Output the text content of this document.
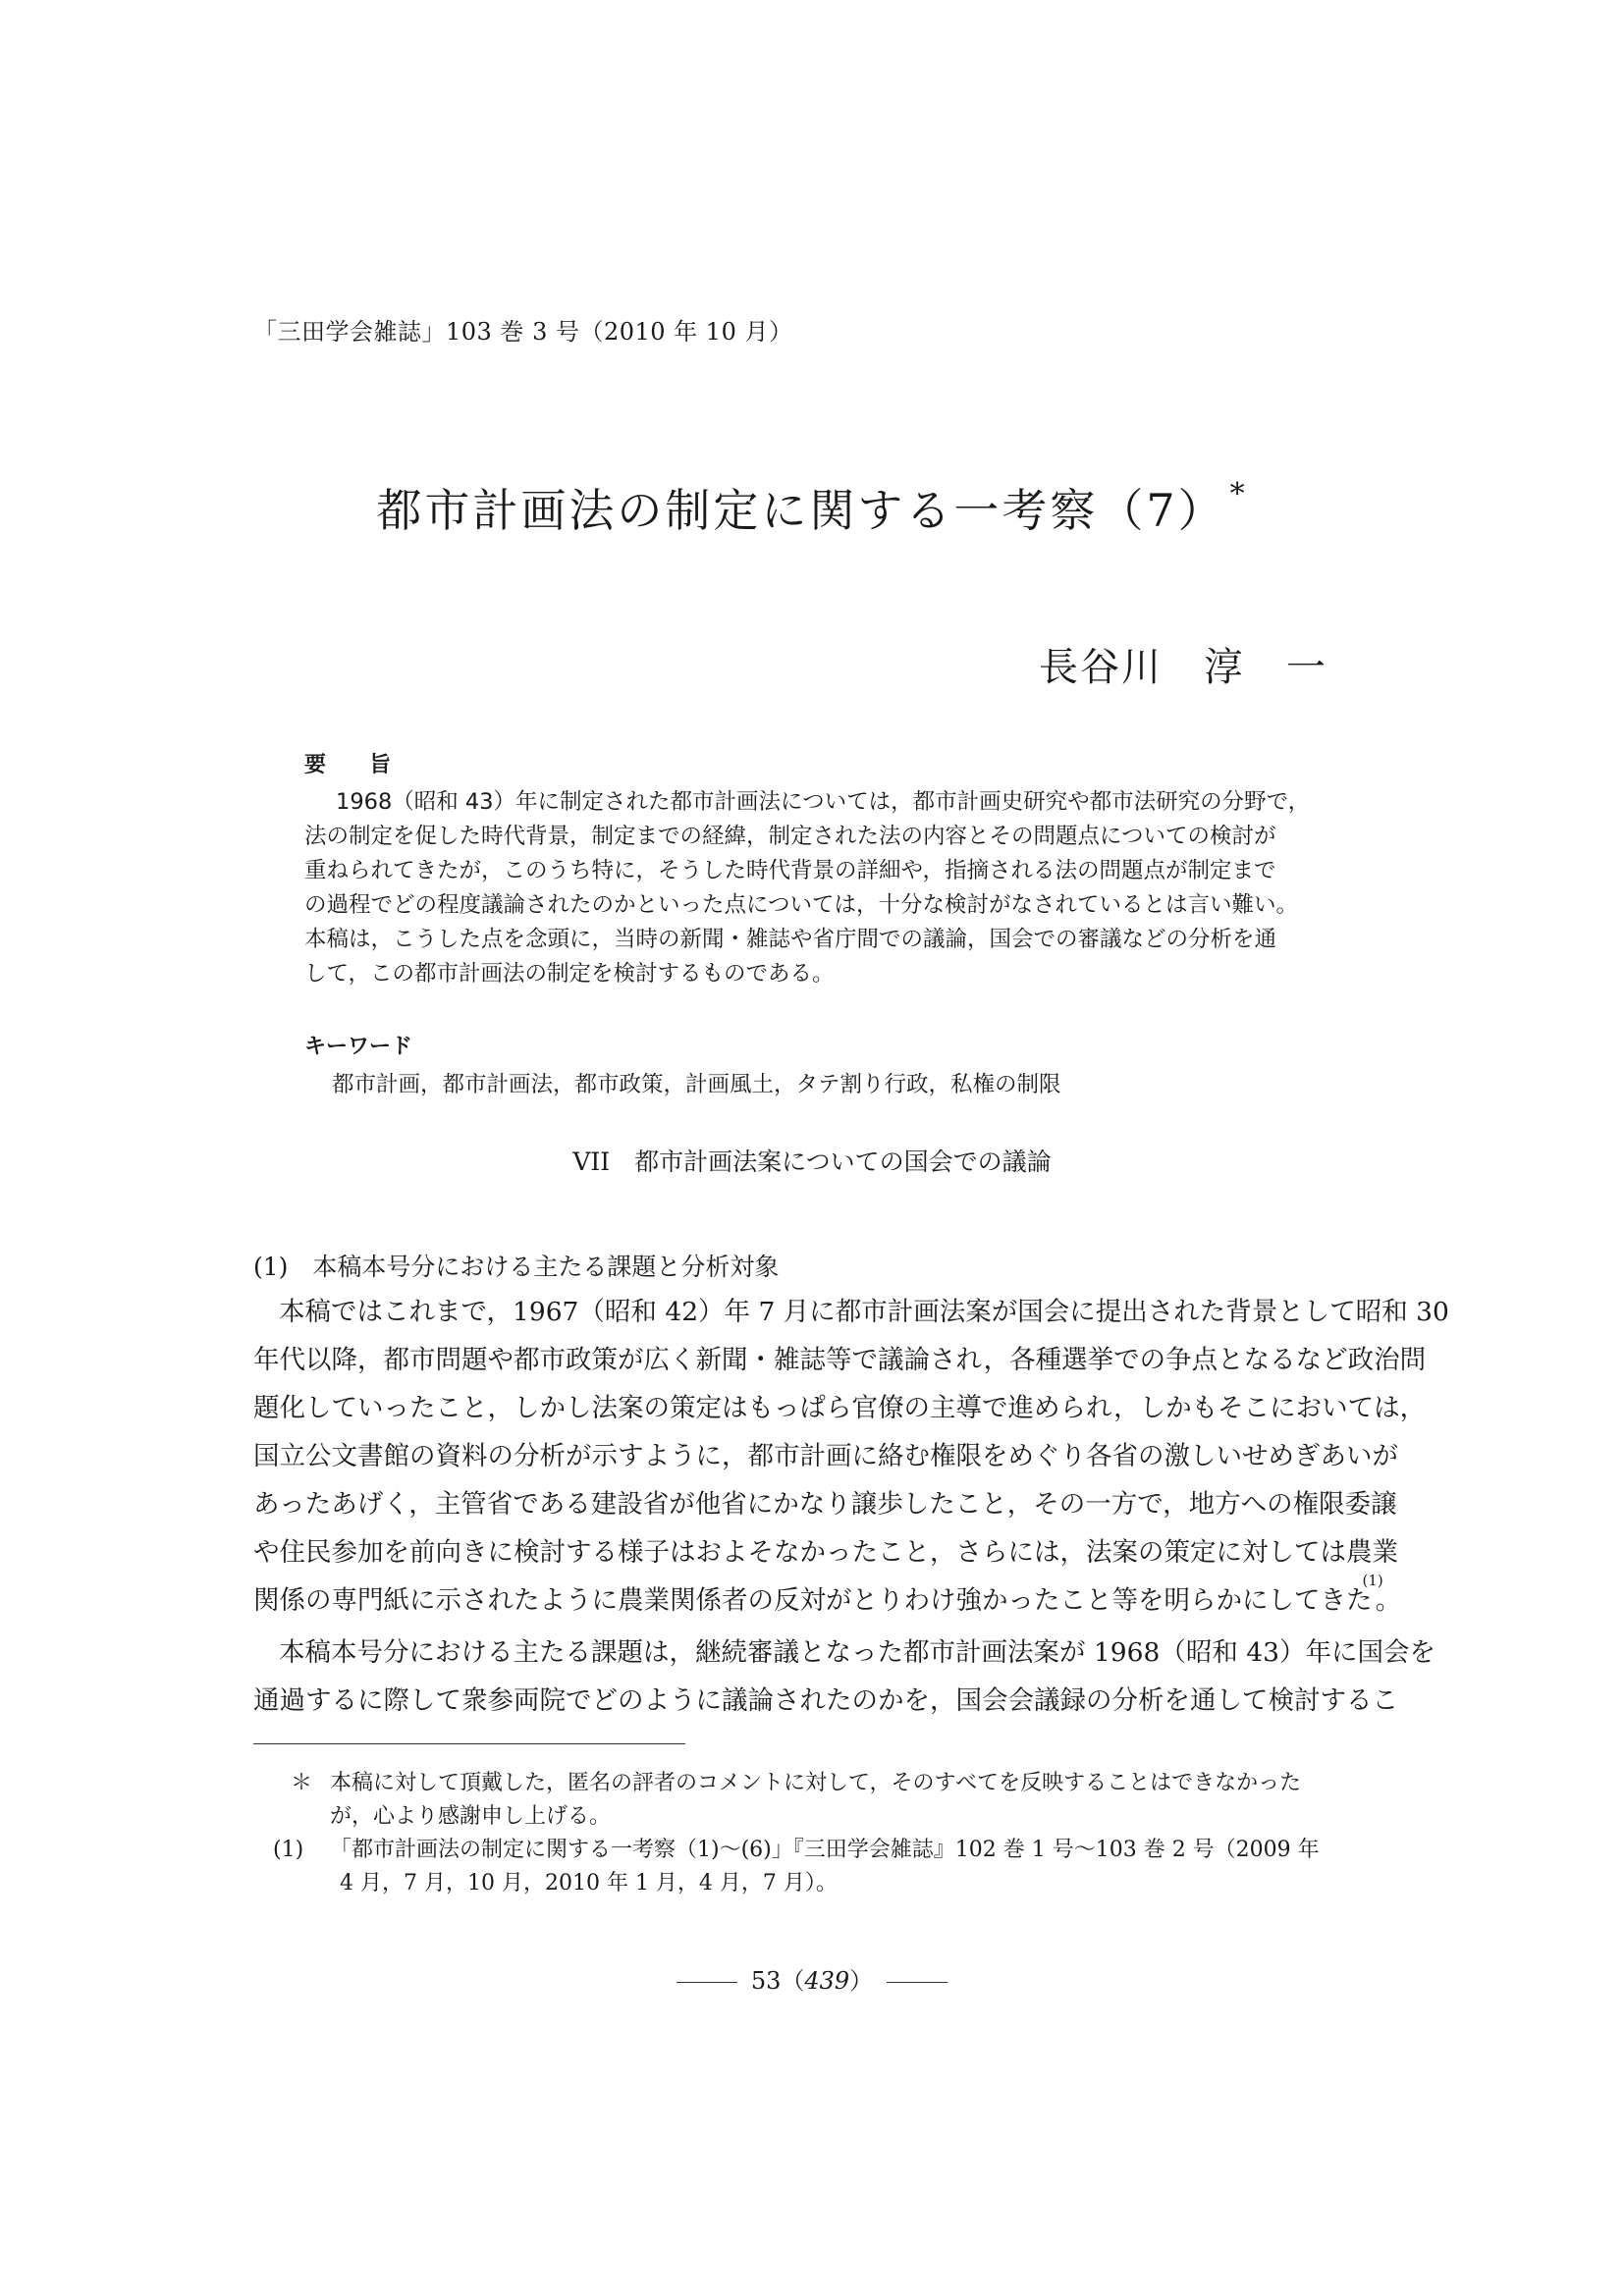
「三田学会雑誌」103 巻 3 号（2010 年 10 月）
都市計画法の制定に関する一考察（7） *
長谷川　淳　一
要　　旨
1968（昭和 43）年に制定された都市計画法については，都市計画史研究や都市法研究の分野で，
法の制定を促した時代背景，制定までの経緯，制定された法の内容とその問題点についての検討が
重ねられてきたが，このうち特に，そうした時代背景の詳細や，指摘される法の問題点が制定まで
の過程でどの程度議論されたのかといった点については，十分な検討がなされているとは言い難い。
本稿は，こうした点を念頭に，当時の新聞・雑誌や省庁間での議論，国会での審議などの分析を通
して，この都市計画法の制定を検討するものである。
キーワード
都市計画，都市計画法，都市政策，計画風土，タテ割り行政，私権の制限
VII　都市計画法案についての国会での議論
(1)　本稿本号分における主たる課題と分析対象
本稿ではこれまで，1967（昭和 42）年 7 月に都市計画法案が国会に提出された背景として昭和 30
年代以降，都市問題や都市政策が広く新聞・雑誌等で議論され，各種選挙での争点となるなど政治問
題化していったこと，しかし法案の策定はもっぱら官僚の主導で進められ，しかもそこにおいては，
国立公文書館の資料の分析が示すように，都市計画に絡む権限をめぐり各省の激しいせめぎあいが
あったあげく，主管省である建設省が他省にかなり譲歩したこと，その一方で，地方への権限委譲
や住民参加を前向きに検討する様子はおよそなかったこと，さらには，法案の策定に対しては農業
関係の専門紙に示されたように農業関係者の反対がとりわけ強かったこと等を明らかにしてきた$^{(1)}$。
本稿本号分における主たる課題は，継続審議となった都市計画法案が 1968（昭和 43）年に国会を
通過するに際して衆参両院でどのように議論されたのかを，国会会議録の分析を通して検討するこ
＊ 本稿に対して頂戴した，匿名の評者のコメントに対して，そのすべてを反映することはできなかった
が，心より感謝申し上げる。
(1) 「都市計画法の制定に関する一考察（1)〜(6)」『三田学会雑誌』102 巻 1 号〜103 巻 2 号（2009 年
4 月，7 月，10 月，2010 年 1 月，4 月，7 月）。
53（439）
